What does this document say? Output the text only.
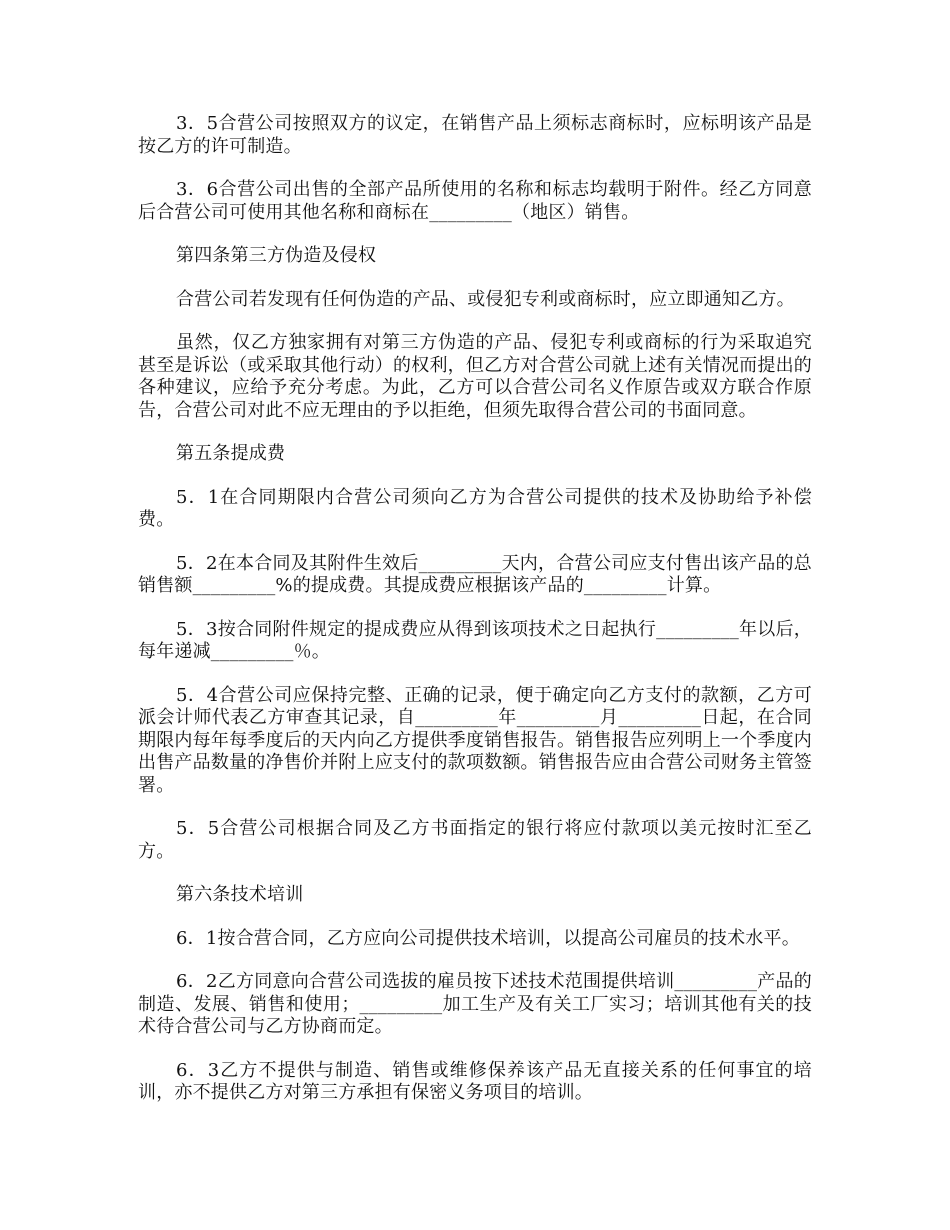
3．5合营公司按照双方的议定，在销售产品上须标志商标时，应标明该产品是按乙方的许可制造。

3．6合营公司出售的全部产品所使用的名称和标志均载明于附件。经乙方同意后合营公司可使用其他名称和商标在_________（地区）销售。

第四条第三方伪造及侵权

合营公司若发现有任何伪造的产品、或侵犯专利或商标时，应立即通知乙方。

虽然，仅乙方独家拥有对第三方伪造的产品、侵犯专利或商标的行为采取追究甚至是诉讼（或采取其他行动）的权利，但乙方对合营公司就上述有关情况而提出的各种建议，应给予充分考虑。为此，乙方可以合营公司名义作原告或双方联合作原告，合营公司对此不应无理由的予以拒绝，但须先取得合营公司的书面同意。

第五条提成费

5．1在合同期限内合营公司须向乙方为合营公司提供的技术及协助给予补偿费。

5．2在本合同及其附件生效后_________天内，合营公司应支付售出该产品的总销售额_________%的提成费。其提成费应根据该产品的_________计算。

5．3按合同附件规定的提成费应从得到该项技术之日起执行_________年以后，每年递减_________％。

5．4合营公司应保持完整、正确的记录，便于确定向乙方支付的款额，乙方可派会计师代表乙方审查其记录，自_________年_________月_________日起，在合同期限内每年每季度后的天内向乙方提供季度销售报告。销售报告应列明上一个季度内出售产品数量的净售价并附上应支付的款项数额。销售报告应由合营公司财务主管签署。

5．5合营公司根据合同及乙方书面指定的银行将应付款项以美元按时汇至乙方。

第六条技术培训

6．1按合营合同，乙方应向公司提供技术培训，以提高公司雇员的技术水平。

6．2乙方同意向合营公司选拔的雇员按下述技术范围提供培训_________产品的制造、发展、销售和使用；_________加工生产及有关工厂实习；培训其他有关的技术待合营公司与乙方协商而定。

6．3乙方不提供与制造、销售或维修保养该产品无直接关系的任何事宜的培训，亦不提供乙方对第三方承担有保密义务项目的培训。
